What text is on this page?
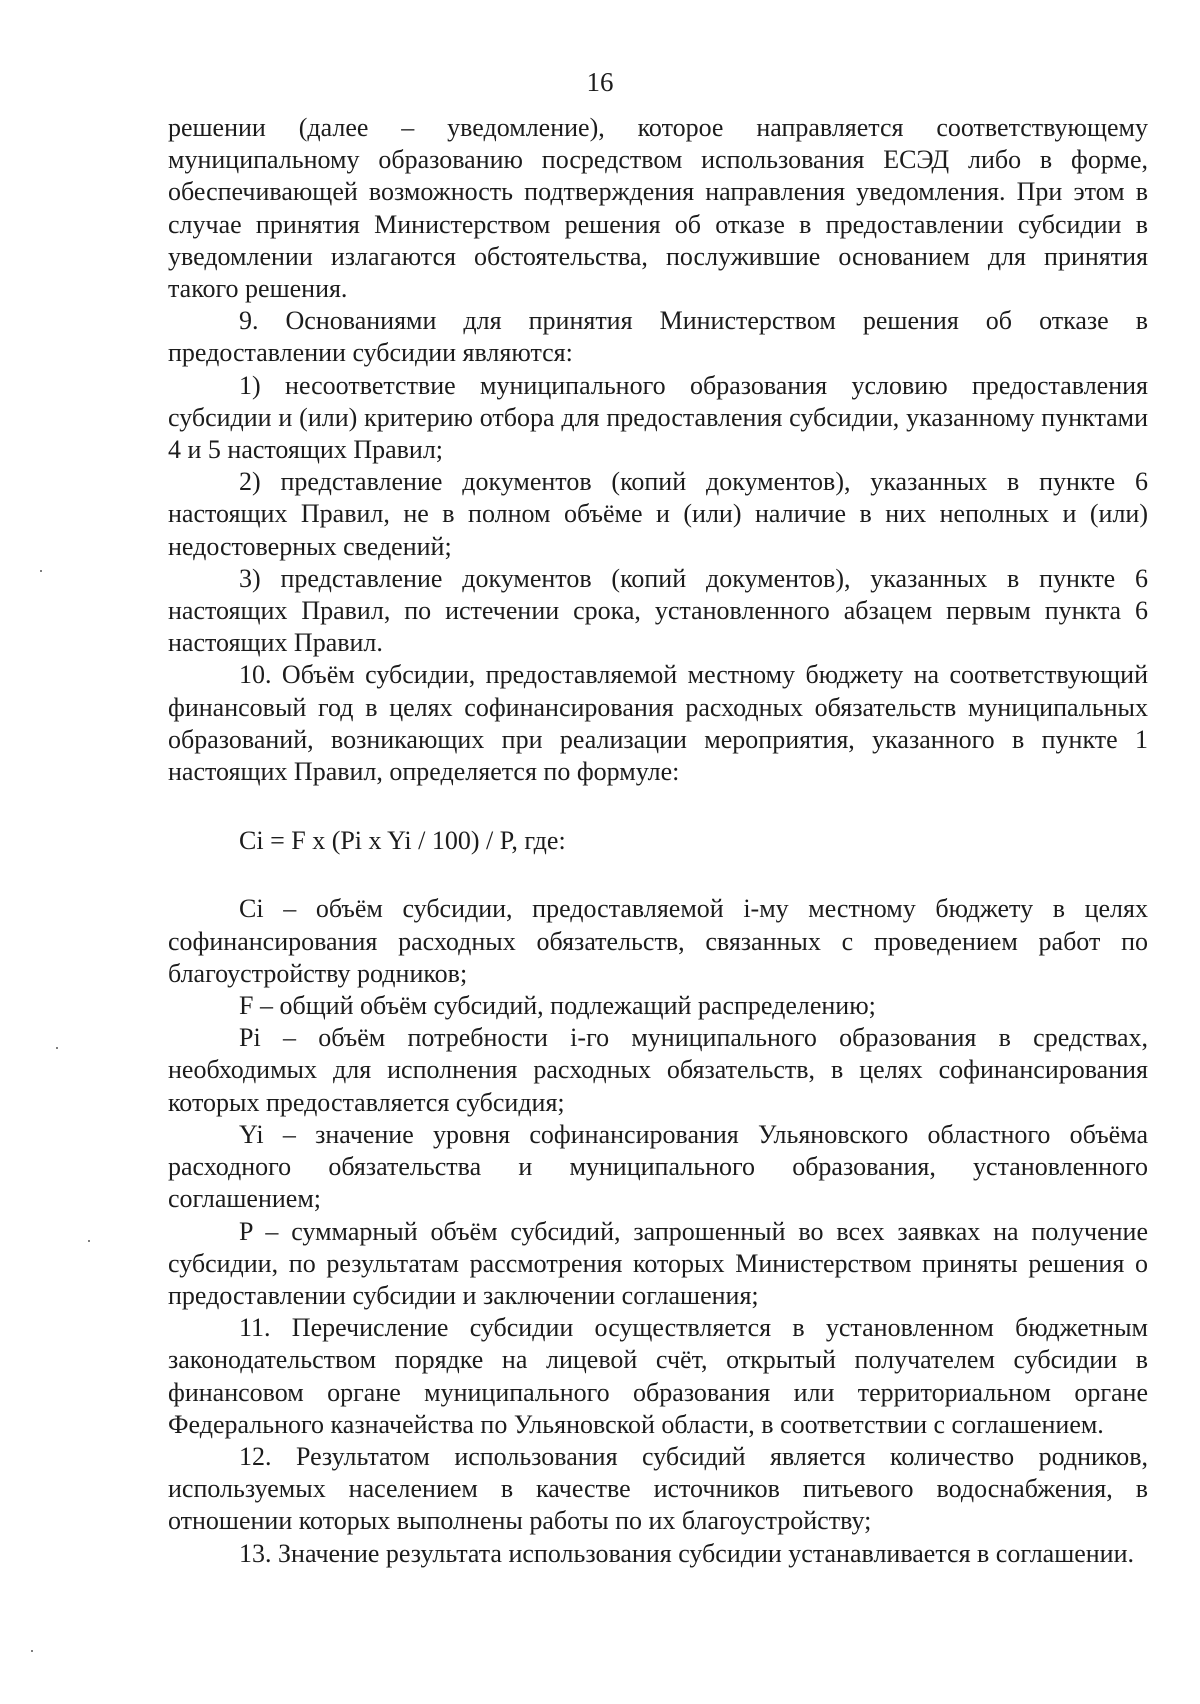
16

решении (далее – уведомление), которое направляется соответствующему муниципальному образованию посредством использования ЕСЭД либо в форме, обеспечивающей возможность подтверждения направления уведомления. При этом в случае принятия Министерством решения об отказе в предоставлении субсидии в уведомлении излагаются обстоятельства, послужившие основанием для принятия такого решения.

9. Основаниями для принятия Министерством решения об отказе в предоставлении субсидии являются:

1) несоответствие муниципального образования условию предоставления субсидии и (или) критерию отбора для предоставления субсидии, указанному пунктами 4 и 5 настоящих Правил;

2) представление документов (копий документов), указанных в пункте 6 настоящих Правил, не в полном объёме и (или) наличие в них неполных и (или) недостоверных сведений;

3) представление документов (копий документов), указанных в пункте 6 настоящих Правил, по истечении срока, установленного абзацем первым пункта 6 настоящих Правил.

10. Объём субсидии, предоставляемой местному бюджету на соответствующий финансовый год в целях софинансирования расходных обязательств муниципальных образований, возникающих при реализации мероприятия, указанного в пункте 1 настоящих Правил, определяется по формуле:

Ci = F x (Pi x Yi / 100) / P, где:

Ci – объём субсидии, предоставляемой i-му местному бюджету в целях софинансирования расходных обязательств, связанных с проведением работ по благоустройству родников;

F – общий объём субсидий, подлежащий распределению;

Pi – объём потребности i-го муниципального образования в средствах, необходимых для исполнения расходных обязательств, в целях софинансирования которых предоставляется субсидия;

Yi – значение уровня софинансирования Ульяновского областного объёма расходного обязательства и муниципального образования, установленного соглашением;

P – суммарный объём субсидий, запрошенный во всех заявках на получение субсидии, по результатам рассмотрения которых Министерством приняты решения о предоставлении субсидии и заключении соглашения;

11. Перечисление субсидии осуществляется в установленном бюджетным законодательством порядке на лицевой счёт, открытый получателем субсидии в финансовом органе муниципального образования или территориальном органе Федерального казначейства по Ульяновской области, в соответствии с соглашением.

12. Результатом использования субсидий является количество родников, используемых населением в качестве источников питьевого водоснабжения, в отношении которых выполнены работы по их благоустройству;

13. Значение результата использования субсидии устанавливается в соглашении.
